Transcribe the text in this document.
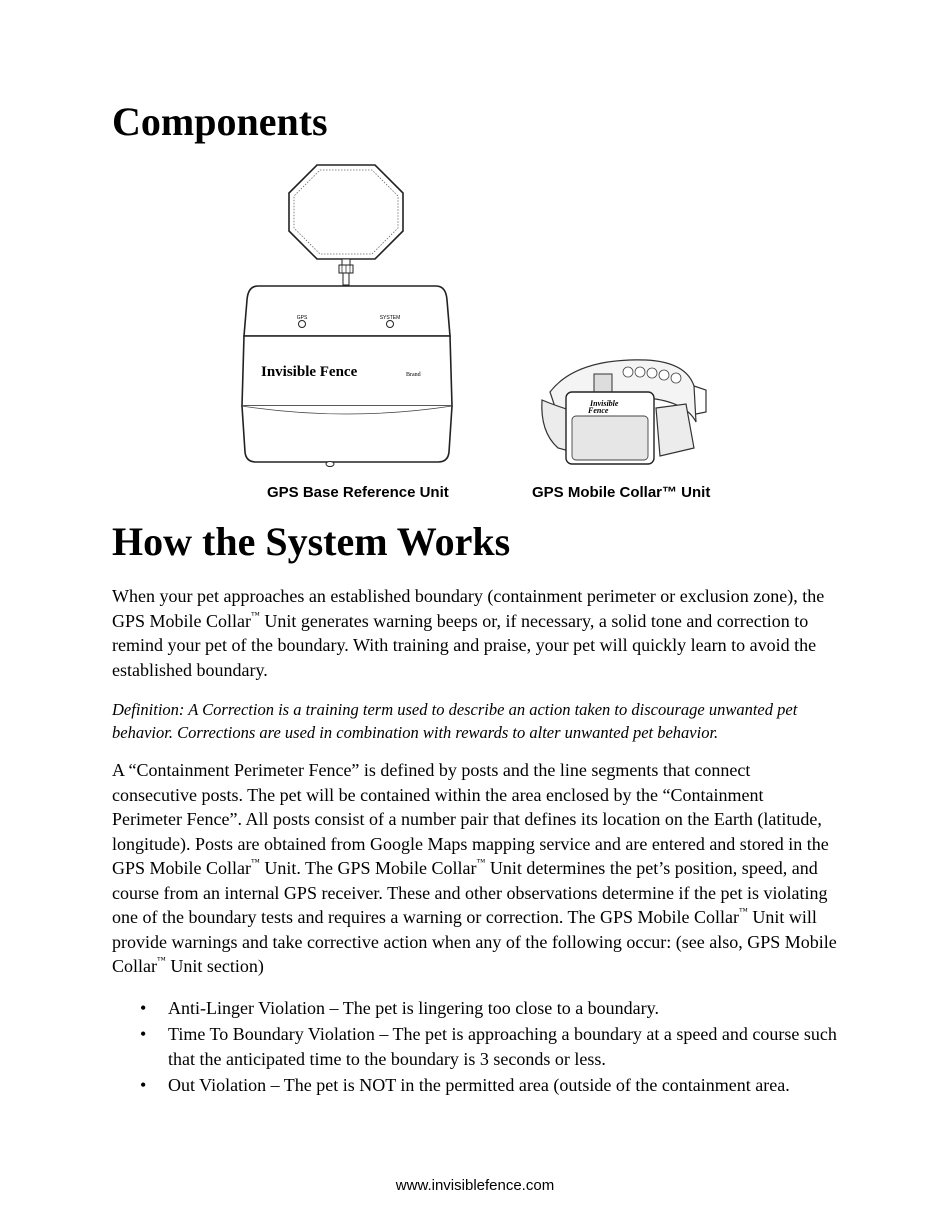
Components
GPS	SYSTEM
Invisible Fence	Brand
Invisible
Fence
GPS Base Reference Unit	GPS Mobile Collar™ Unit
How the System Works

When your pet approaches an established boundary (containment perimeter or exclusion zone), the GPS Mobile Collar™ Unit generates warning beeps or, if necessary, a solid tone and correction to remind your pet of the boundary. With training and praise, your pet will quickly learn to avoid the established boundary.

Definition: A Correction is a training term used to describe an action taken to discourage unwanted pet behavior. Corrections are used in combination with rewards to alter unwanted pet behavior.

A “Containment Perimeter Fence” is defined by posts and the line segments that connect consecutive posts. The pet will be contained within the area enclosed by the “Containment Perimeter Fence”. All posts consist of a number pair that defines its location on the Earth (latitude, longitude). Posts are obtained from Google Maps mapping service and are entered and stored in the GPS Mobile Collar™ Unit. The GPS Mobile Collar™ Unit determines the pet’s position, speed, and course from an internal GPS receiver. These and other observations determine if the pet is violating one of the boundary tests and requires a warning or correction. The GPS Mobile Collar™ Unit will provide warnings and take corrective action when any of the following occur: (see also, GPS Mobile Collar™ Unit section)

• Anti-Linger Violation – The pet is lingering too close to a boundary.
• Time To Boundary Violation – The pet is approaching a boundary at a speed and course such that the anticipated time to the boundary is 3 seconds or less.
• Out Violation – The pet is NOT in the permitted area (outside of the containment area.
www.invisiblefence.com
